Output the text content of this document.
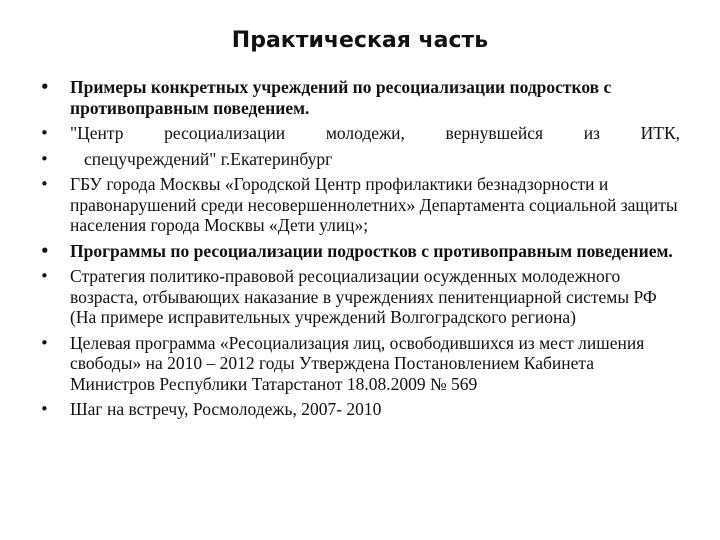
Практическая часть
• Примеры конкретных учреждений по ресоциализации подростков с противоправным поведением.
• "Центр ресоциализации молодежи, вернувшейся из ИТК,
•	спецучреждений" г.Екатеринбург
• ГБУ города Москвы «Городской Центр профилактики безнадзорности и правонарушений среди несовершеннолетних» Департамента социальной защиты населения города Москвы «Дети улиц»;
• Программы по ресоциализации подростков с противоправным поведением.
• Стратегия политико-правовой ресоциализации осужденных молодежного возраста, отбывающих наказание в учреждениях пенитенциарной системы РФ (На примере исправительных учреждений Волгоградского региона)
• Целевая программа «Ресоциализация лиц, освободившихся из мест лишения свободы» на 2010 – 2012 годы Утверждена Постановлением Кабинета Министров Республики Татарстанот 18.08.2009 № 569
• Шаг на встречу, Росмолодежь, 2007- 2010
